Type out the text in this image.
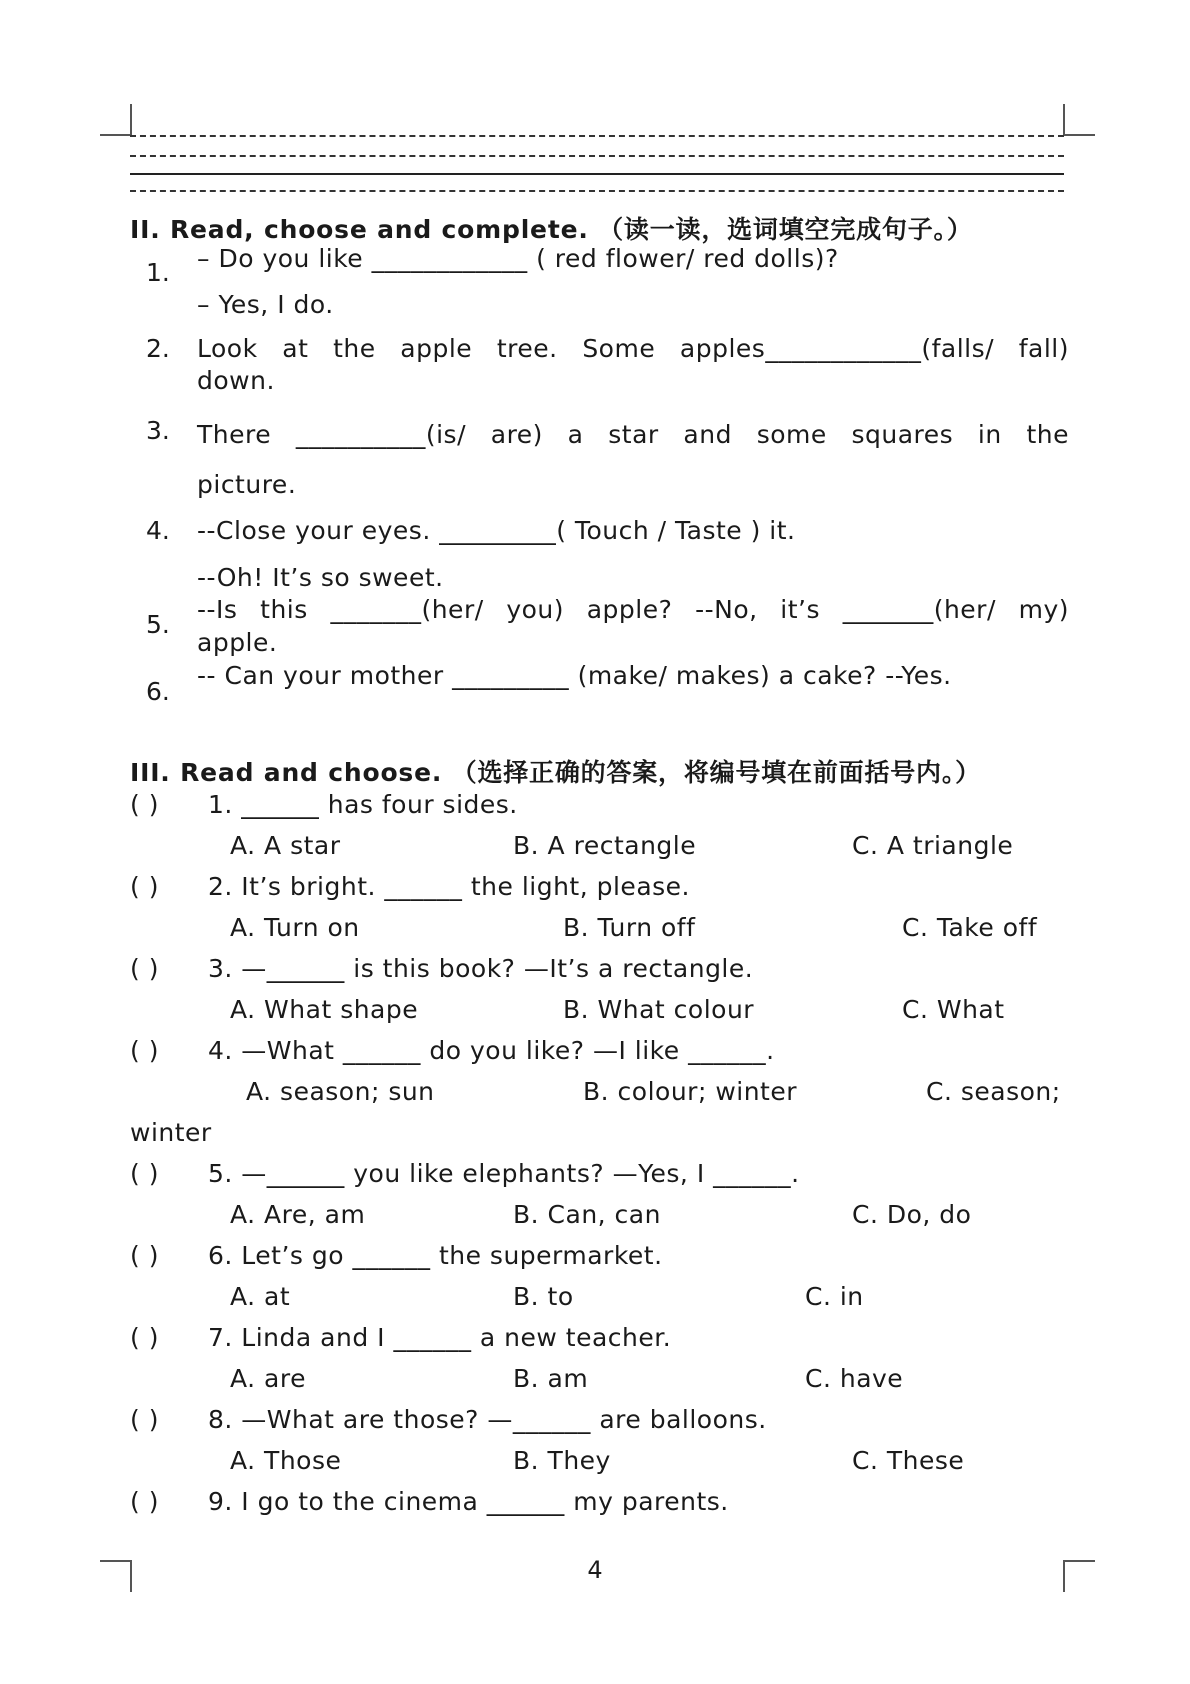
II. Read, choose and complete. （读一读，选词填空完成句子。）
1. – Do you like ____________ ( red flower/ red dolls)?
– Yes, I do.
2. Look at the apple tree. Some apples____________(falls/ fall)
down.
3. There __________(is/ are) a star and some squares in the
picture.
4. --Close your eyes. _________( Touch / Taste ) it.
--Oh! It’s so sweet.
5.
--Is this _______(her/ you) apple? --No, it’s _______(her/ my)
apple.
6.
-- Can your mother _________ (make/ makes) a cake? --Yes.
III. Read and choose. （选择正确的答案，将编号填在前面括号内。）
( ) 1. ______ has four sides.
A. A star	B. A rectangle	C. A triangle
( ) 2. It’s bright. ______ the light, please.
A. Turn on	B. Turn off	C. Take off
( ) 3. —______ is this book? —It’s a rectangle.
A. What shape	B. What colour	C. What
( ) 4. —What ______ do you like? —I like ______.
A. season; sun	B. colour; winter	C. season;
winter
( ) 5. —______ you like elephants? —Yes, I ______.
A. Are, am	B. Can, can	C. Do, do
( ) 6. Let’s go ______ the supermarket.
A. at	B. to	C. in
( ) 7. Linda and I ______ a new teacher.
A. are	B. am	C. have
( ) 8. —What are those? —______ are balloons.
A. Those	B. They	C. These
( ) 9. I go to the cinema ______ my parents.
4
